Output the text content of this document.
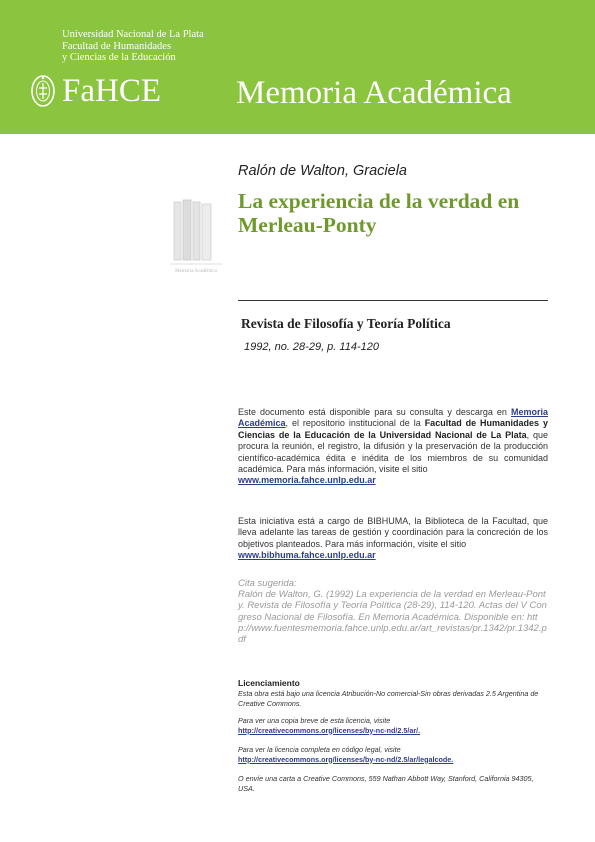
Universidad Nacional de La Plata
Facultad de Humanidades
y Ciencias de la Educación
FaHCE Memoria Académica
Memoria Académica
Ralón de Walton, Graciela
La experiencia de la verdad en Merleau-Ponty
Revista de Filosofía y Teoría Política
1992, no. 28-29, p. 114-120
Este documento está disponible para su consulta y descarga en Memoria Académica, el repositorio institucional de la Facultad de Humanidades y Ciencias de la Educación de la Universidad Nacional de La Plata, que procura la reunión, el registro, la difusión y la preservación de la producción científico-académica édita e inédita de los miembros de su comunidad académica. Para más información, visite el sitio
www.memoria.fahce.unlp.edu.ar
Esta iniciativa está a cargo de BIBHUMA, la Biblioteca de la Facultad, que lleva adelante las tareas de gestión y coordinación para la concreción de los objetivos planteados. Para más información, visite el sitio
www.bibhuma.fahce.unlp.edu.ar
Cita sugerida:
Ralón de Walton, G. (1992) La experiencia de la verdad en Merleau-Ponty. Revista de Filosofía y Teoría Política (28-29), 114-120. Actas del V Congreso Nacional de Filosofía. En Memoria Académica. Disponible en: http://www.fuentesmemoria.fahce.unlp.edu.ar/art_revistas/pr.1342/pr.1342.pdf
Licenciamiento
Esta obra está bajo una licencia Atribución-No comercial-Sin obras derivadas 2.5 Argentina de Creative Commons.
Para ver una copia breve de esta licencia, visite
http://creativecommons.org/licenses/by-nc-nd/2.5/ar/.
Para ver la licencia completa en código legal, visite
http://creativecommons.org/licenses/by-nc-nd/2.5/ar/legalcode.
O envíe una carta a Creative Commons, 559 Nathan Abbott Way, Stanford, California 94305, USA.
